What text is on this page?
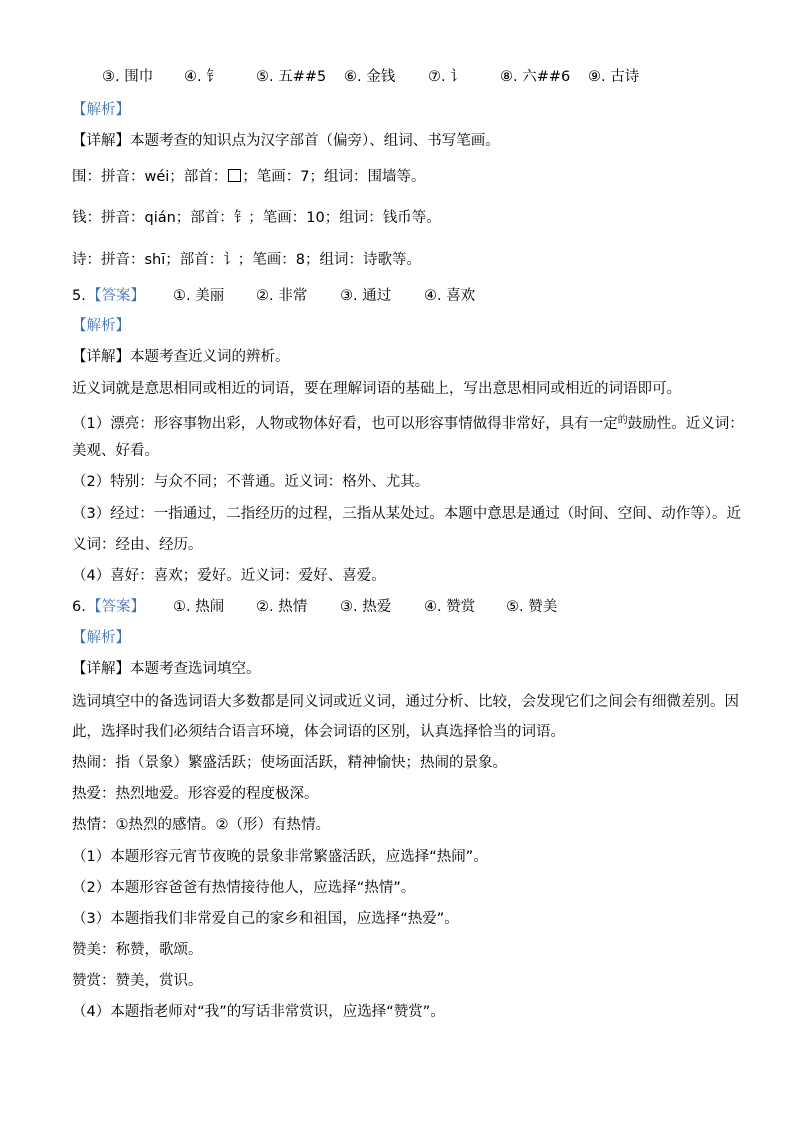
③. 围巾 ④. 钅 ⑤. 五##5 ⑥. 金钱 ⑦. 讠 ⑧. 六##6 ⑨. 古诗
【解析】
【详解】本题考查的知识点为汉字部首（偏旁）、组词、书写笔画。
围：拼音：wéi；部首： ；笔画：7；组词：围墙等。
钱：拼音：qián；部首：钅；笔画：10；组词：钱币等。
诗：拼音：shī；部首：讠；笔画：8；组词：诗歌等。
5. 【答案】 ①. 美丽 ②. 非常 ③. 通过 ④. 喜欢
【解析】
【详解】本题考查近义词的辨析。
近义词就是意思相同或相近的词语，要在理解词语的基础上，写出意思相同或相近的词语即可。
（1）漂亮：形容事物出彩，人物或物体好看，也可以形容事情做得非常好，具有一定$^的$鼓励性。近义词：
美观、好看。
（2）特别：与众不同；不普通。近义词：格外、尤其。
（3）经过：一指通过，二指经历的过程，三指从某处过。本题中意思是通过（时间、空间、动作等）。近
义词：经由、经历。
（4）喜好：喜欢；爱好。近义词：爱好、喜爱。
6. 【答案】 ①. 热闹 ②. 热情 ③. 热爱 ④. 赞赏 ⑤. 赞美
【解析】
【详解】本题考查选词填空。
选词填空中的备选词语大多数都是同义词或近义词，通过分析、比较，会发现它们之间会有细微差别。因
此，选择时我们必须结合语言环境，体会词语的区别，认真选择恰当的词语。
热闹：指（景象）繁盛活跃；使场面活跃，精神愉快；热闹的景象。
热爱：热烈地爱。形容爱的程度极深。
热情：①热烈的感情。②（形）有热情。
（1）本题形容元宵节夜晚的景象非常繁盛活跃，应选择“热闹”。
（2）本题形容爸爸有热情接待他人，应选择“热情”。
（3）本题指我们非常爱自己的家乡和祖国，应选择“热爱”。
赞美：称赞，歌颂。
赞赏：赞美，赏识。
（4）本题指老师对“我”的写话非常赏识，应选择“赞赏”。
